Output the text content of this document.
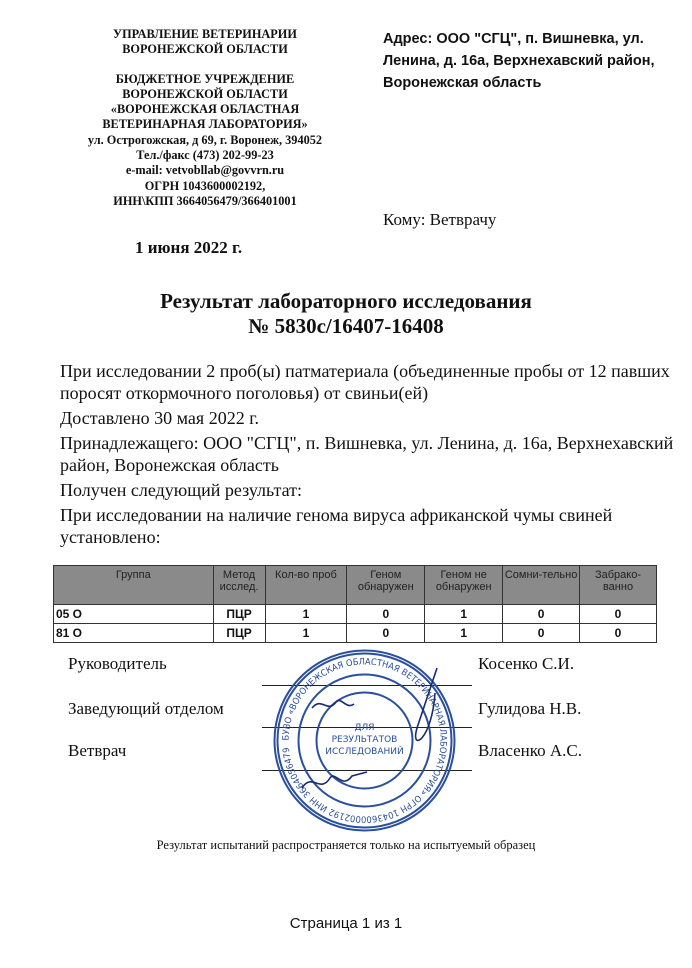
УПРАВЛЕНИЕ ВЕТЕРИНАРИИ
ВОРОНЕЖСКОЙ ОБЛАСТИ
БЮДЖЕТНОЕ УЧРЕЖДЕНИЕ
ВОРОНЕЖСКОЙ ОБЛАСТИ
«ВОРОНЕЖСКАЯ ОБЛАСТНАЯ
ВЕТЕРИНАРНАЯ ЛАБОРАТОРИЯ»
ул. Острогожская, д 69, г. Воронеж, 394052
Тел./факс (473) 202-99-23
e-mail: vetvobllab@govvrn.ru
ОГРН 1043600002192,
ИНН\КПП 3664056479/366401001
Адрес: ООО "СГЦ", п. Вишневка, ул. Ленина, д. 16а, Верхнехавский район, Воронежская область
Кому: Ветврачу
1 июня 2022 г.
Результат лабораторного исследования
№ 5830с/16407-16408

При исследовании 2 проб(ы) патматериала (объединенные пробы от 12 павших поросят откормочного поголовья) от свиньи(ей)

Доставлено 30 мая 2022 г.

Принадлежащего: ООО "СГЦ", п. Вишневка, ул. Ленина, д. 16а, Верхнехавский район, Воронежская область

Получен следующий результат:

При исследовании на наличие генома вируса африканской чумы свиней установлено:

Группа	Метод исслед.	Кол-во проб	Геном обнаружен	Геном не обнаружен	Сомни-тельно	Забрако-ванно
05 О	ПЦР	1	0	1	0	0
81 О	ПЦР	1	0	1	0	0
Руководитель	Косенко С.И.
Заведующий отделом	Гулидова Н.В.
Ветврач	Власенко А.С.
БУВО «ВОРОНЕЖСКАЯ ОБЛАСТНАЯ ВЕТЕРИНАРНАЯ ЛАБОРАТОРИЯ» ОГРН 1043600002192 ИНН 3664056479
ДЛЯ РЕЗУЛЬТАТОВ ИССЛЕДОВАНИЙ
Результат испытаний распространяется только на испытуемый образец
Страница 1 из 1
